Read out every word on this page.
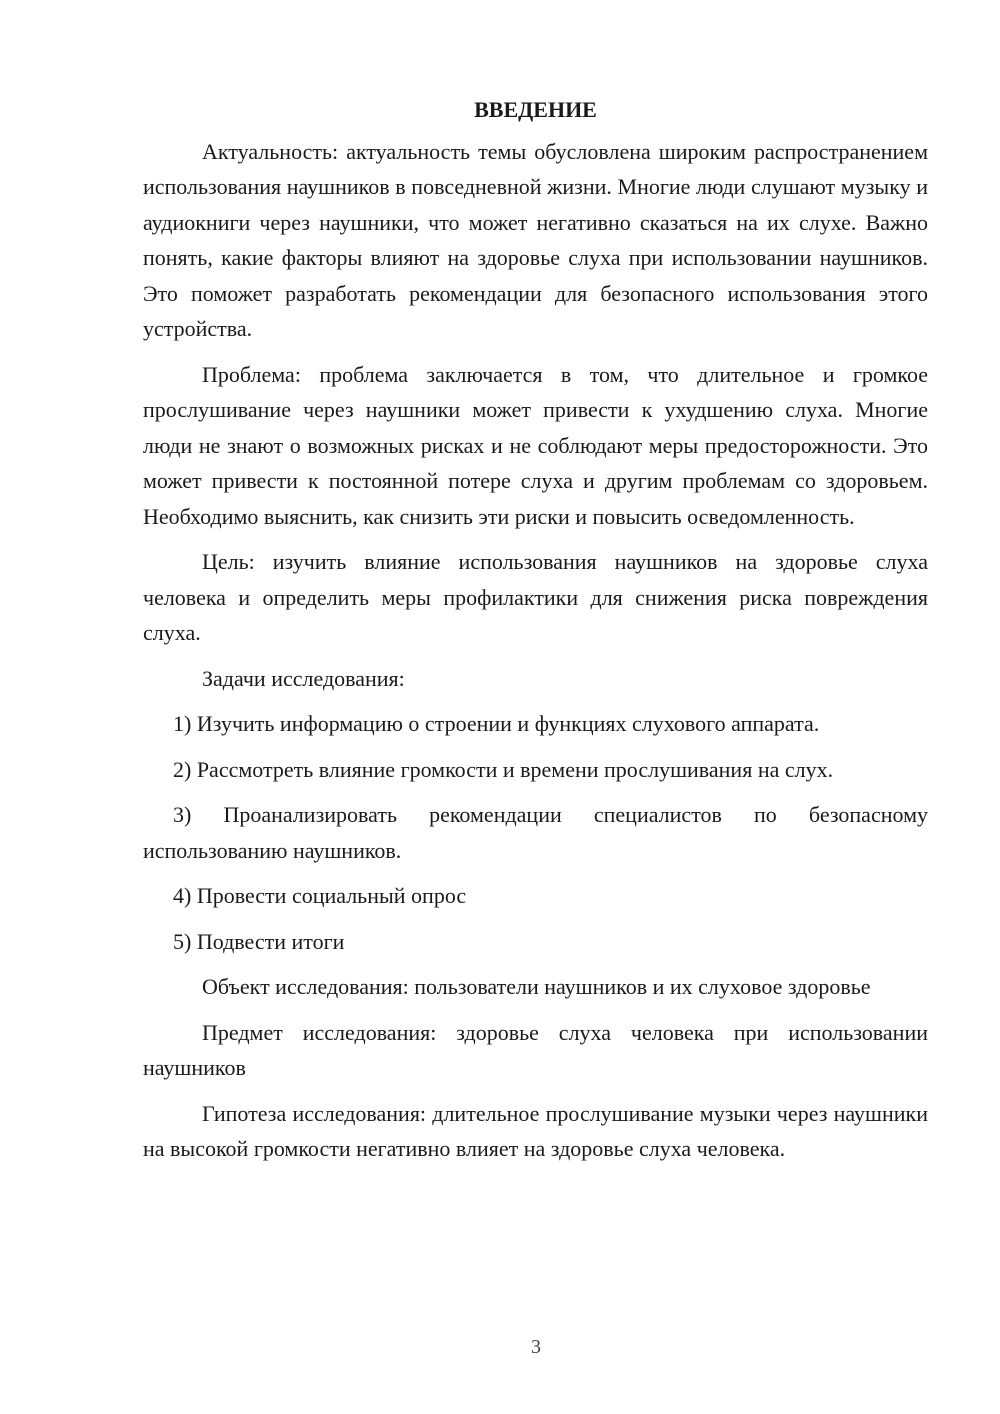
ВВЕДЕНИЕ

Актуальность: актуальность темы обусловлена широким распространением использования наушников в повседневной жизни. Многие люди слушают музыку и аудиокниги через наушники, что может негативно сказаться на их слухе. Важно понять, какие факторы влияют на здоровье слуха при использовании наушников. Это поможет разработать рекомендации для безопасного использования этого устройства.

Проблема: проблема заключается в том, что длительное и громкое прослушивание через наушники может привести к ухудшению слуха. Многие люди не знают о возможных рисках и не соблюдают меры предосторожности. Это может привести к постоянной потере слуха и другим проблемам со здоровьем. Необходимо выяснить, как снизить эти риски и повысить осведомленность.

Цель: изучить влияние использования наушников на здоровье слуха человека и определить меры профилактики для снижения риска повреждения слуха.

Задачи исследования:

1) Изучить информацию о строении и функциях слухового аппарата.

2) Рассмотреть влияние громкости и времени прослушивания на слух.

3) Проанализировать рекомендации специалистов по безопасному использованию наушников.

4) Провести социальный опрос

5) Подвести итоги

Объект исследования: пользователи наушников и их слуховое здоровье

Предмет исследования: здоровье слуха человека при использовании наушников

Гипотеза исследования: длительное прослушивание музыки через наушники на высокой громкости негативно влияет на здоровье слуха человека.

3
